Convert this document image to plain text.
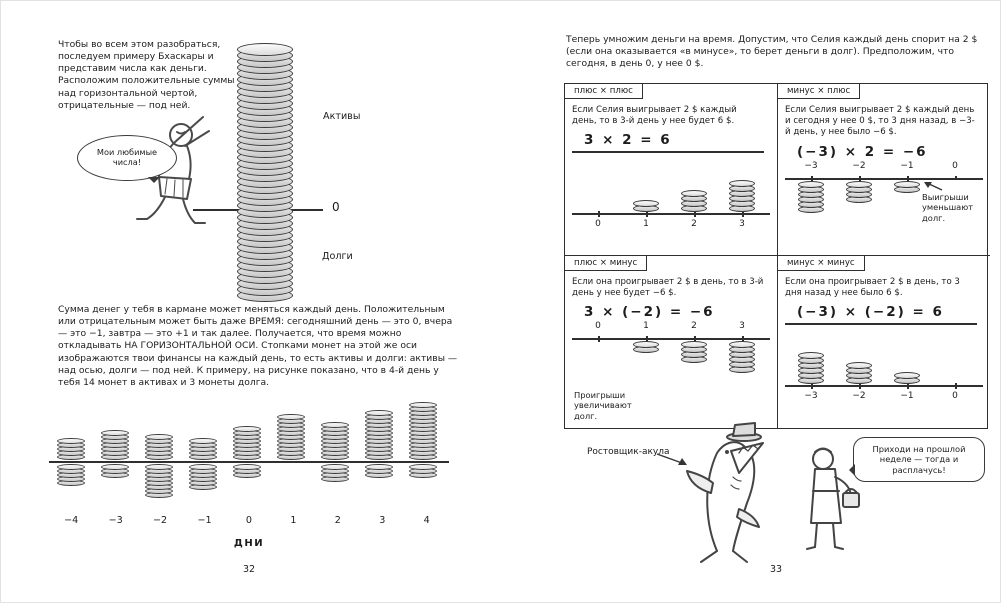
Чтобы во всем этом разобраться, последуем примеру Бхаскары и представим числа как деньги. Расположим положительные суммы над горизонтальной чертой, отрицательные — под ней.

Мои любимые числа!
Активы
0
Долги

Сумма денег у тебя в кармане может меняться каждый день. Положительным или отрицательным может быть даже ВРЕМЯ: сегодняшний день — это 0, вчера — это −1, завтра — это +1 и так далее. Получается, что время можно откладывать НА ГОРИЗОНТАЛЬНОЙ ОСИ. Стопками монет на этой же оси изображаются твои финансы на каждый день, то есть активы и долги: активы — над осью, долги — под ней. К примеру, на рисунке показано, что в 4-й день у тебя 14 монет в активах и 3 монеты долга.

−4	−3	−2	−1	0	1	2	3	4
ДНИ
32

Теперь умножим деньги на время. Допустим, что Селия каждый день спорит на 2 $ (если она оказывается «в минусе», то берет деньги в долг). Предположим, что сегодня, в день 0, у нее 0 $.

плюс × плюс

Если Селия выигрывает 2 $ каждый день, то в 3-й день у нее будет 6 $.

3 × 2 = 6
0	1	2	3
минус × плюс

Если Селия выигрывает 2 $ каждый день и сегодня у нее 0 $, то 3 дня назад, в −3-й день, у нее было −6 $.

(−3) × 2 = −6
−3	−2	−1	0
Выигрыши уменьшают долг.
плюс × минус

Если она проигрывает 2 $ в день, то в 3-й день у нее будет −6 $.

3 × (−2) = −6
0	1	2	3
Проигрыши увеличивают долг.
минус × минус

Если она проигрывает 2 $ в день, то 3 дня назад у нее было 6 $.

(−3) × (−2) = 6
−3	−2	−1	0
Ростовщик-акула	Приходи на прошлой неделе — тогда и расплачусь!
33
